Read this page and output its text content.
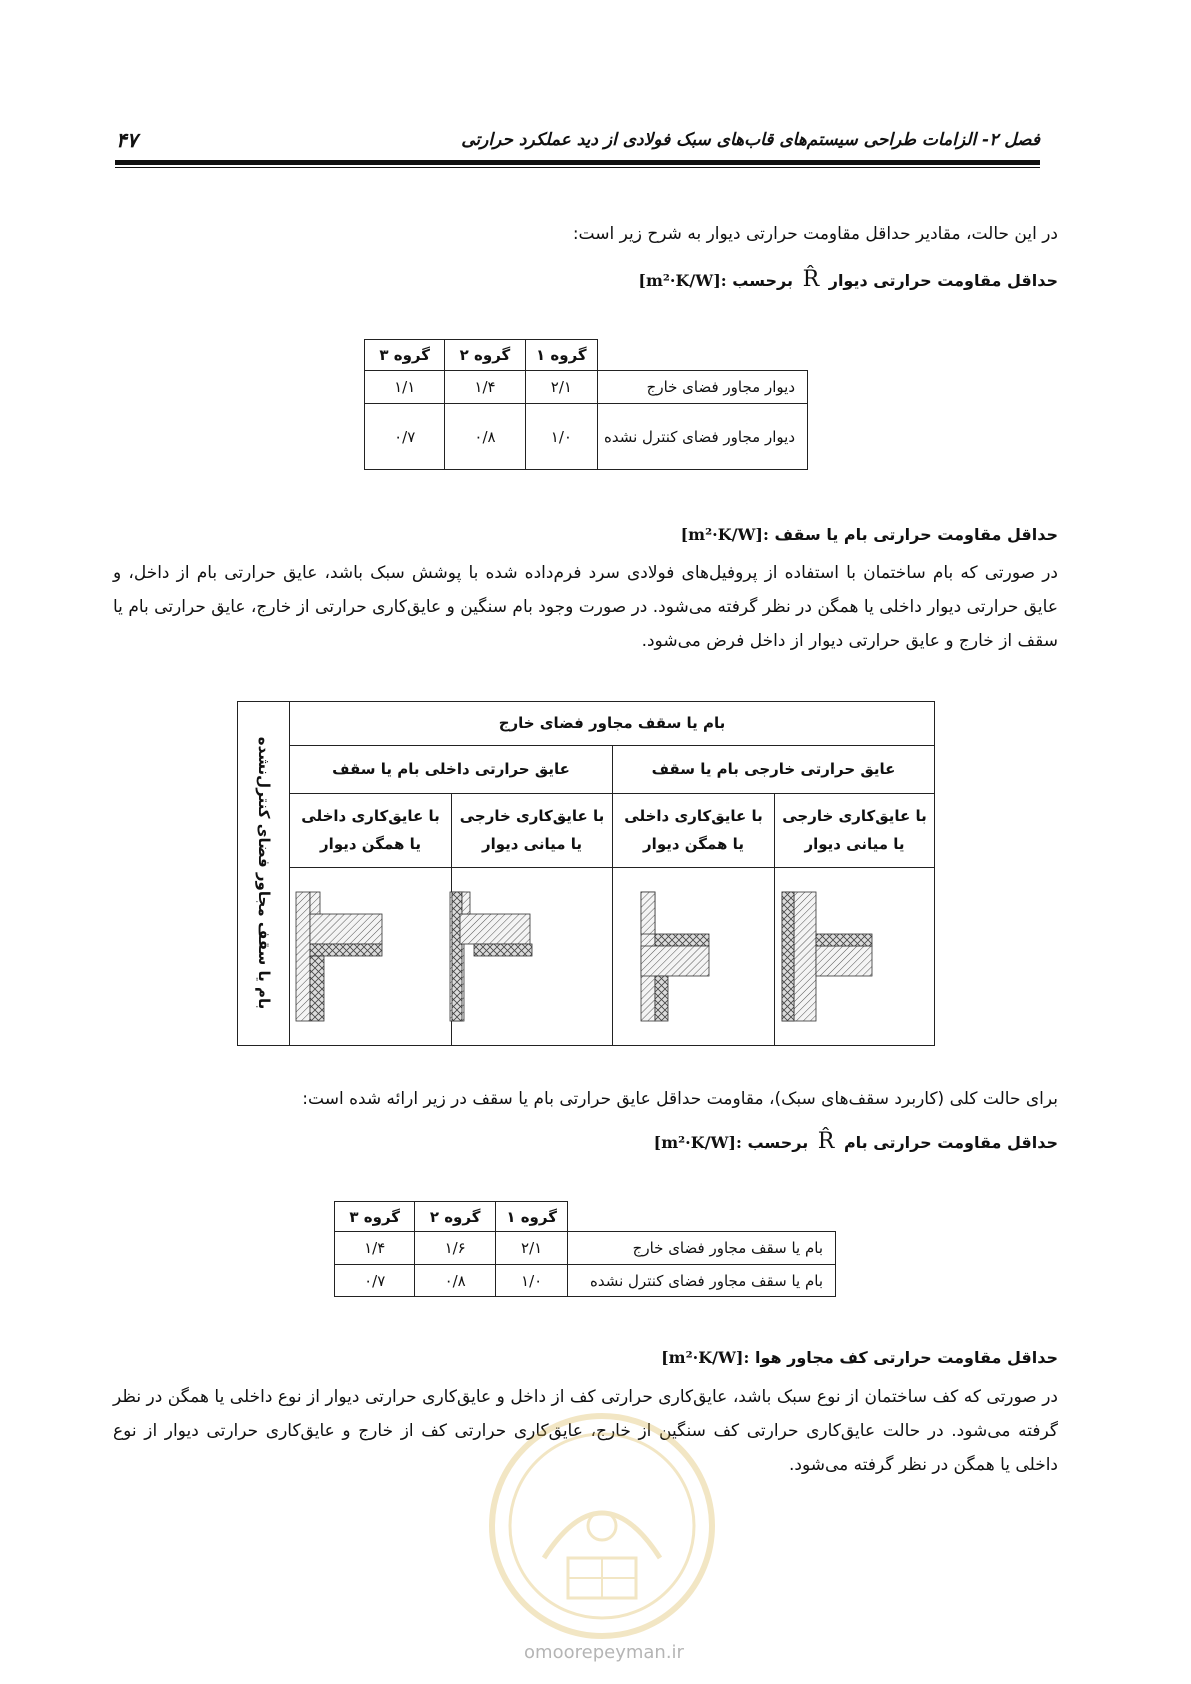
فصل ۲- الزامات طراحی سیستم‌های قاب‌های سبک فولادی از دید عملکرد حرارتی
۴۷
در این حالت، مقادیر حداقل مقاومت حرارتی دیوار به شرح زیر است:
حداقل مقاومت حرارتی دیوار R̂ برحسب [m²·K/W]:
	گروه ۱	گروه ۲	گروه ۳
دیوار مجاور فضای خارج	۲/۱	۱/۴	۱/۱
دیوار مجاور فضای کنترل نشده	۱/۰	۰/۸	۰/۷
حداقل مقاومت حرارتی بام یا سقف [m²·K/W]:
در صورتی که بام ساختمان با استفاده از پروفیل‌های فولادی سرد فرم‌داده شده با پوشش سبک باشد، عایق حرارتی بام از داخل، و عایق حرارتی دیوار داخلی یا همگن در نظر گرفته می‌شود. در صورت وجود بام سنگین و عایق‌کاری حرارتی از خارج، عایق حرارتی بام یا سقف از خارج و عایق حرارتی دیوار از داخل فرض می‌شود.
بام یا سقف مجاور فضای کنترل‌نشده
بام یا سقف مجاور فضای خارج
عایق حرارتی خارجی بام یا سقف
عایق حرارتی داخلی بام یا سقف
با عایق‌کاری خارجی
یا میانی دیوار
با عایق‌کاری داخلی
یا همگن دیوار
با عایق‌کاری خارجی
یا میانی دیوار
با عایق‌کاری داخلی
یا همگن دیوار
برای حالت کلی (کاربرد سقف‌های سبک)، مقاومت حداقل عایق حرارتی بام یا سقف در زیر ارائه شده است:
حداقل مقاومت حرارتی بام R̂ برحسب [m²·K/W]:
	گروه ۱	گروه ۲	گروه ۳
بام یا سقف مجاور فضای خارج	۲/۱	۱/۶	۱/۴
بام یا سقف مجاور فضای کنترل نشده	۱/۰	۰/۸	۰/۷
حداقل مقاومت حرارتی کف مجاور هوا [m²·K/W]:
در صورتی که کف ساختمان از نوع سبک باشد، عایق‌کاری حرارتی کف از داخل و عایق‌کاری حرارتی دیوار از نوع داخلی یا همگن در نظر گرفته می‌شود. در حالت عایق‌کاری حرارتی کف سنگین از خارج، عایق‌کاری حرارتی کف از خارج و عایق‌کاری حرارتی دیوار از نوع داخلی یا همگن در نظر گرفته می‌شود.
omoorepeyman.ir
